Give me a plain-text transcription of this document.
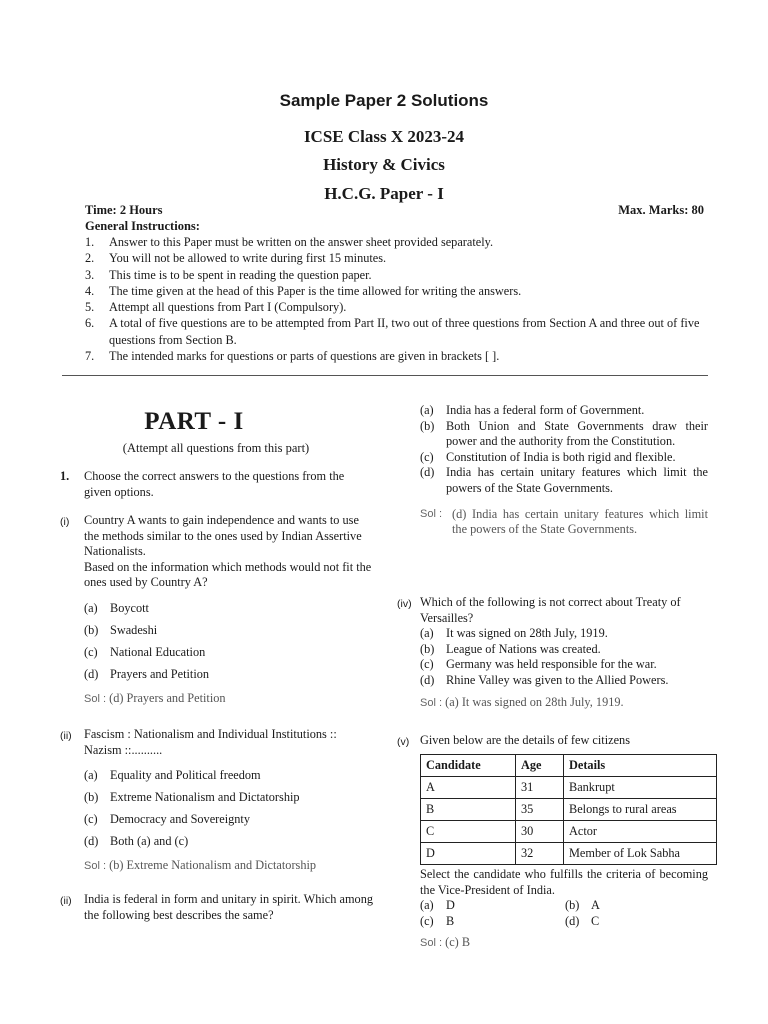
Sample Paper 2 Solutions
ICSE Class X 2023-24
History & Civics
H.C.G. Paper - I
Time: 2 Hours	Max. Marks: 80
General Instructions:
1.	Answer to this Paper must be written on the answer sheet provided separately.
2.	You will not be allowed to write during first 15 minutes.
3.	This time is to be spent in reading the question paper.
4.	The time given at the head of this Paper is the time allowed for writing the answers.
5.	Attempt all questions from Part I (Compulsory).
6.	A total of five questions are to be attempted from Part II, two out of three questions from Section A and three out of five questions from Section B.
7.	The intended marks for questions or parts of questions are given in brackets [ ].
PART - I
(Attempt all questions from this part)
1.	Choose the correct answers to the questions from the given options.
(i)	Country A wants to gain independence and wants to use the methods similar to the ones used by Indian Assertive Nationalists.
Based on the information which methods would not fit the ones used by Country A?
(a)	Boycott
(b) Swadeshi
(c)	National Education
(d) Prayers and Petition
Sol : (d) Prayers and Petition
(ii)	Fascism : Nationalism and Individual Institutions :: Nazism ::..........
(a)	Equality and Political freedom
(b) Extreme Nationalism and Dictatorship
(c)	Democracy and Sovereignty
(d) Both (a) and (c)
Sol : (b) Extreme Nationalism and Dictatorship
(ii)	India is federal in form and unitary in spirit. Which among the following best describes the same?
(a)	India has a federal form of Government.
(b) Both Union and State Governments draw their power and the authority from the Constitution.
(c)	Constitution of India is both rigid and flexible.
(d) India has certain unitary features which limit the powers of the State Governments.
Sol : (d) India has certain unitary features which limit the powers of the State Governments.
(iv) Which of the following is not correct about Treaty of Versailles?
(a)	It was signed on 28th July, 1919.
(b) League of Nations was created.
(c)	Germany was held responsible for the war.
(d) Rhine Valley was given to the Allied Powers.
Sol : (a) It was signed on 28th July, 1919.
(v) Given below are the details of few citizens
Candidate	Age	Details
A	31	Bankrupt
B	35	Belongs to rural areas
C	30	Actor
D	32	Member of Lok Sabha
Select the candidate who fulfills the criteria of becoming the Vice-President of India.
(a)	D	(b) A
(c)	B	(d) C
Sol : (c) B
